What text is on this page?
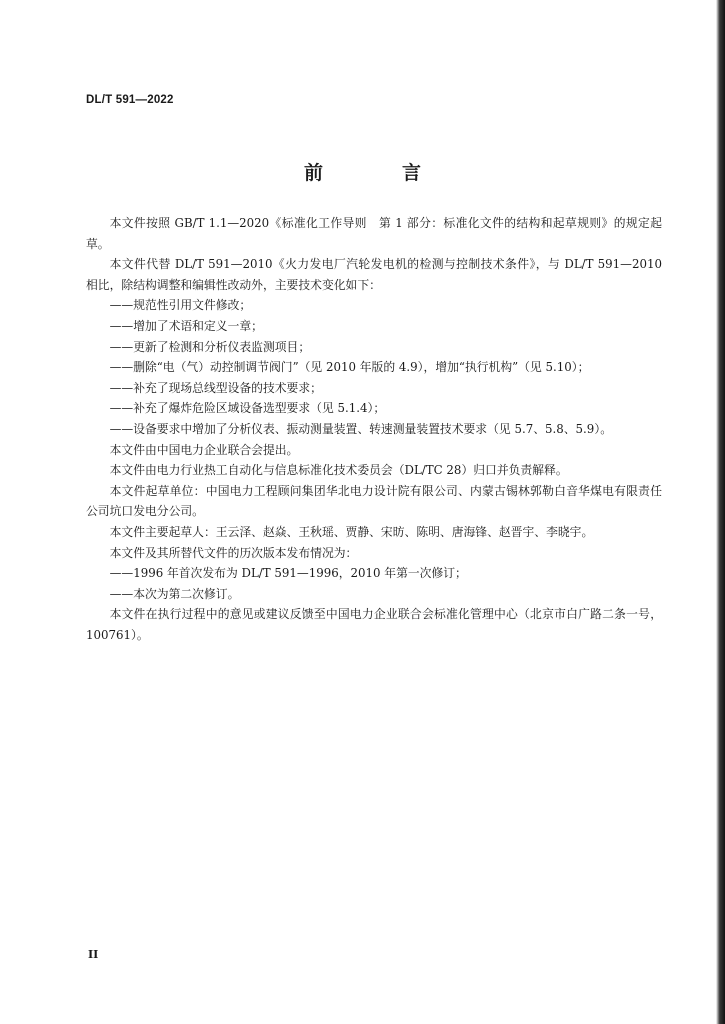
DL/T 591—2022
前　言

本文件按照 GB/T 1.1—2020《标准化工作导则　第 1 部分：标准化文件的结构和起草规则》的规定起草。

本文件代替 DL/T 591—2010《火力发电厂汽轮发电机的检测与控制技术条件》，与 DL/T 591—2010 相比，除结构调整和编辑性改动外，主要技术变化如下：

——规范性引用文件修改；

——增加了术语和定义一章；

——更新了检测和分析仪表监测项目；

——删除“电（气）动控制调节阀门”（见 2010 年版的 4.9），增加“执行机构”（见 5.10）；

——补充了现场总线型设备的技术要求；

——补充了爆炸危险区域设备选型要求（见 5.1.4）；

——设备要求中增加了分析仪表、振动测量装置、转速测量装置技术要求（见 5.7、5.8、5.9）。

本文件由中国电力企业联合会提出。

本文件由电力行业热工自动化与信息标准化技术委员会（DL/TC 28）归口并负责解释。

本文件起草单位：中国电力工程顾问集团华北电力设计院有限公司、内蒙古锡林郭勒白音华煤电有限责任公司坑口发电分公司。

本文件主要起草人：王云泽、赵焱、王秋瑶、贾静、宋昉、陈明、唐海锋、赵晋宇、李晓宇。

本文件及其所替代文件的历次版本发布情况为：

——1996 年首次发布为 DL/T 591—1996，2010 年第一次修订；

——本次为第二次修订。

本文件在执行过程中的意见或建议反馈至中国电力企业联合会标准化管理中心（北京市白广路二条一号，100761）。

II
